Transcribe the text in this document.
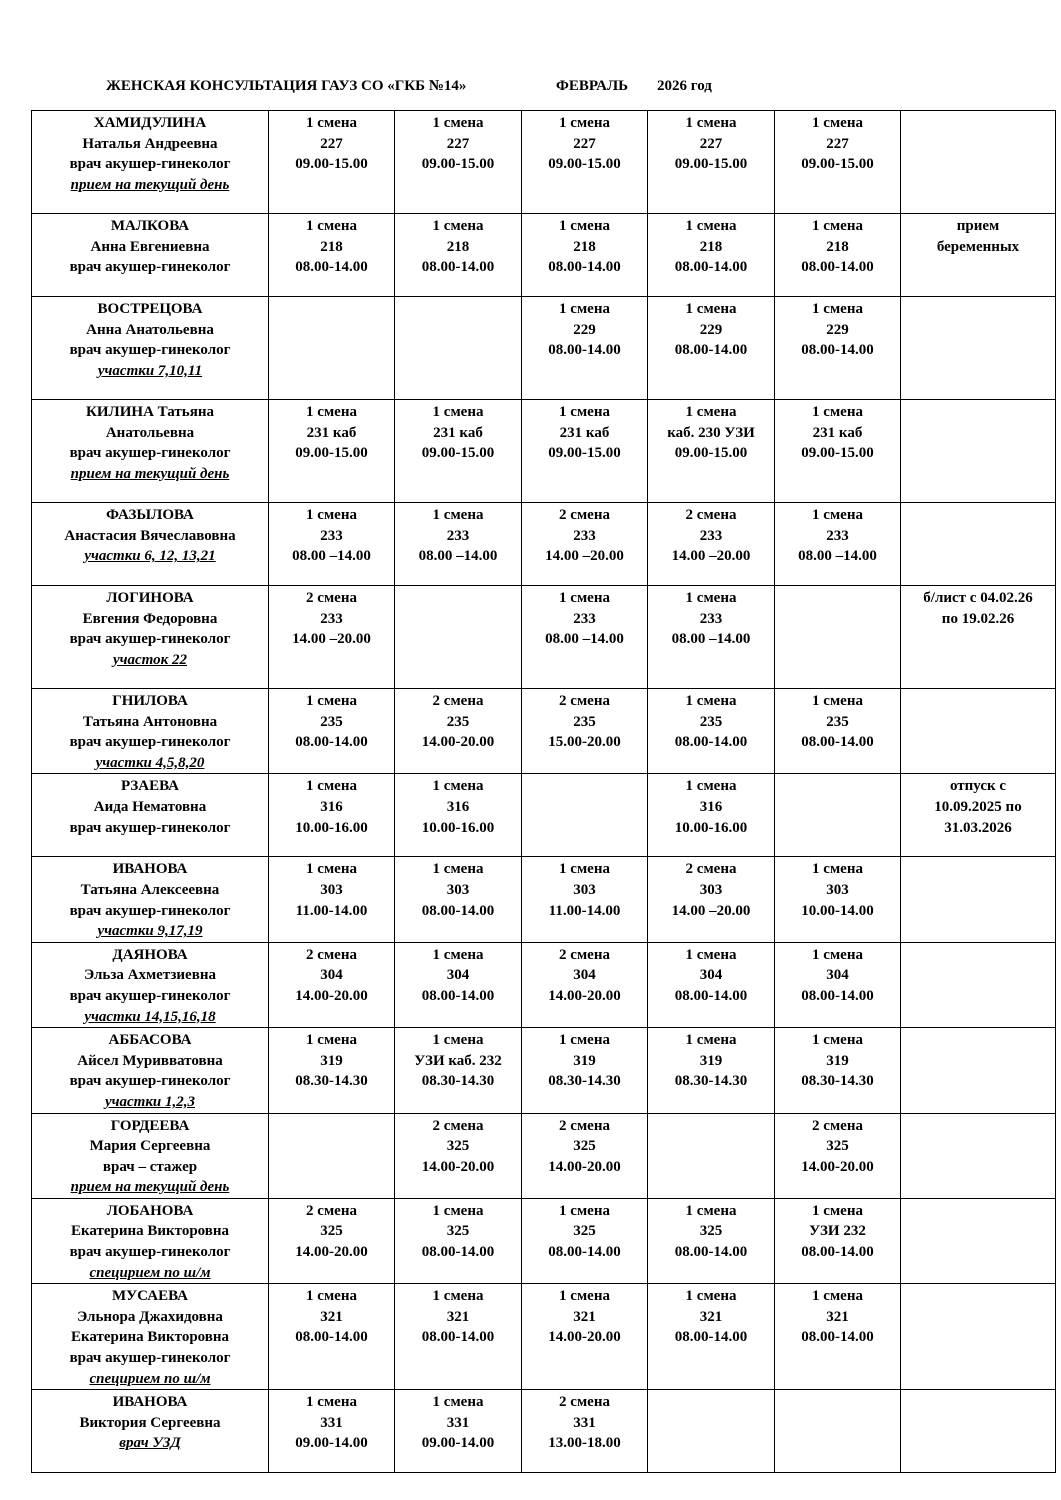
ЖЕНСКАЯ КОНСУЛЬТАЦИЯ ГАУЗ СО «ГКБ №14»	ФЕВРАЛЬ 2026 год
ХАМИДУЛИНА
Наталья Андреевна
врач акушер-гинеколог
прием на текущий день	1 смена
227
09.00-15.00	1 смена
227
09.00-15.00	1 смена
227
09.00-15.00	1 смена
227
09.00-15.00	1 смена
227
09.00-15.00	

МАЛКОВА
Анна Евгениевна
врач акушер-гинеколог	1 смена
218
08.00-14.00	1 смена
218
08.00-14.00	1 смена
218
08.00-14.00	1 смена
218
08.00-14.00	1 смена
218
08.00-14.00	прием
беременных

ВОСТРЕЦОВА
Анна Анатольевна
врач акушер-гинеколог
участки 7,10,11			1 смена
229
08.00-14.00	1 смена
229
08.00-14.00	1 смена
229
08.00-14.00	

КИЛИНА Татьяна
Анатольевна
врач акушер-гинеколог
прием на текущий день	1 смена
231 каб
09.00-15.00	1 смена
231 каб
09.00-15.00	1 смена
231 каб
09.00-15.00	1 смена
каб. 230 УЗИ
09.00-15.00	1 смена
231 каб
09.00-15.00	

ФАЗЫЛОВА
Анастасия Вячеславовна
участки 6, 12, 13,21	1 смена
233
08.00 –14.00	1 смена
233
08.00 –14.00	2 смена
233
14.00 –20.00	2 смена
233
14.00 –20.00	1 смена
233
08.00 –14.00	

ЛОГИНОВА
Евгения Федоровна
врач акушер-гинеколог
участок 22	2 смена
233
14.00 –20.00		1 смена
233
08.00 –14.00	1 смена
233
08.00 –14.00		б/лист с 04.02.26
по 19.02.26

ГНИЛОВА
Татьяна Антоновна
врач акушер-гинеколог
участки 4,5,8,20	1 смена
235
08.00-14.00	2 смена
235
14.00-20.00	2 смена
235
15.00-20.00	1 смена
235
08.00-14.00	1 смена
235
08.00-14.00	

РЗАЕВА
Аида Нематовна
врач акушер-гинеколог	1 смена
316
10.00-16.00	1 смена
316
10.00-16.00		1 смена
316
10.00-16.00		отпуск с
10.09.2025 по
31.03.2026

ИВАНОВА
Татьяна Алексеевна
врач акушер-гинеколог
участки 9,17,19	1 смена
303
11.00-14.00	1 смена
303
08.00-14.00	1 смена
303
11.00-14.00	2 смена
303
14.00 –20.00	1 смена
303
10.00-14.00	

ДАЯНОВА
Эльза Ахметзиевна
врач акушер-гинеколог
участки 14,15,16,18	2 смена
304
14.00-20.00	1 смена
304
08.00-14.00	2 смена
304
14.00-20.00	1 смена
304
08.00-14.00	1 смена
304
08.00-14.00	

АББАСОВА
Айсел Муривватовна
врач акушер-гинеколог
участки 1,2,3	1 смена
319
08.30-14.30	1 смена
УЗИ каб. 232
08.30-14.30	1 смена
319
08.30-14.30	1 смена
319
08.30-14.30	1 смена
319
08.30-14.30	

ГОРДЕЕВА
Мария Сергеевна
врач – стажер
прием на текущий день		2 смена
325
14.00-20.00	2 смена
325
14.00-20.00		2 смена
325
14.00-20.00	

ЛОБАНОВА
Екатерина Викторовна
врач акушер-гинеколог
специрием по ш/м	2 смена
325
14.00-20.00	1 смена
325
08.00-14.00	1 смена
325
08.00-14.00	1 смена
325
08.00-14.00	1 смена
УЗИ 232
08.00-14.00	

МУСАЕВА
Эльнора Джахидовна
Екатерина Викторовна
врач акушер-гинеколог
специрием по ш/м	1 смена
321
08.00-14.00	1 смена
321
08.00-14.00	1 смена
321
14.00-20.00	1 смена
321
08.00-14.00	1 смена
321
08.00-14.00	

ИВАНОВА
Виктория Сергеевна
врач УЗД	1 смена
331
09.00-14.00	1 смена
331
09.00-14.00	2 смена
331
13.00-18.00			
